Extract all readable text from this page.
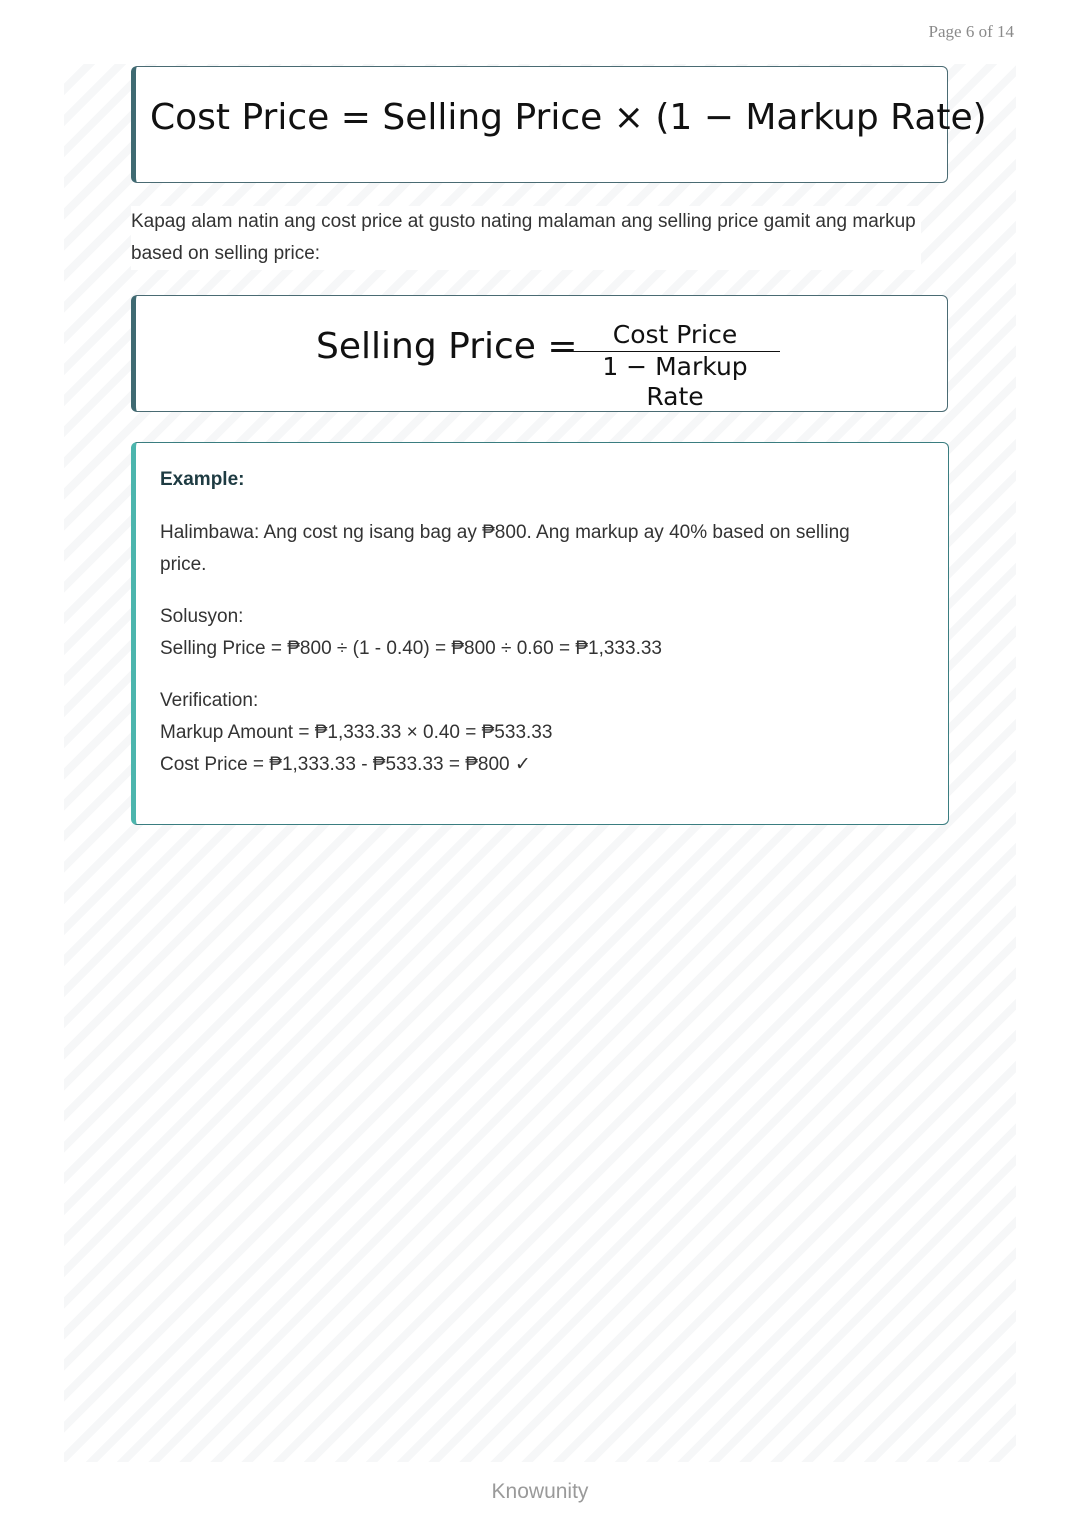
Page 6 of 14
Cost Price = Selling Price × (1 − Markup Rate)
Kapag alam natin ang cost price at gusto nating malaman ang selling price gamit ang markup based on selling price:
Selling Price =	Cost Price
1 − Markup Rate
Example:

Halimbawa: Ang cost ng isang bag ay ₱800. Ang markup ay 40% based on selling price.

Solusyon:

Selling Price = ₱800 ÷ (1 - 0.40) = ₱800 ÷ 0.60 = ₱1,333.33

Verification:

Markup Amount = ₱1,333.33 × 0.40 = ₱533.33

Cost Price = ₱1,333.33 - ₱533.33 = ₱800 ✓

Knowunity
